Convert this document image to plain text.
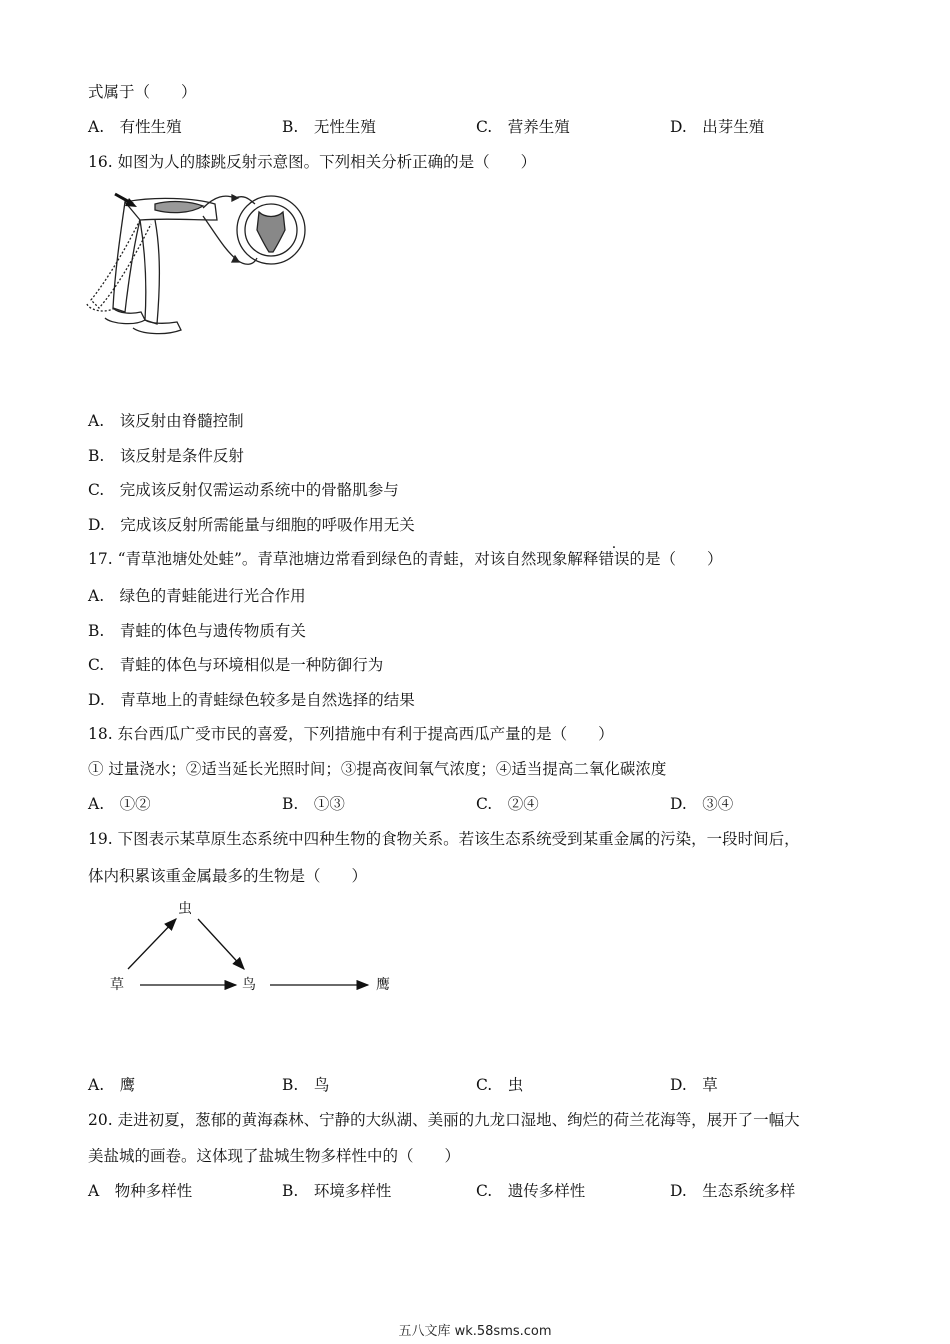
式属于（　　）
A.　有性生殖	B.　无性生殖	C.　营养生殖	D.　出芽生殖
16. 如图为人的膝跳反射示意图。下列相关分析正确的是（　　）
A.　该反射由脊髓控制
B.　该反射是条件反射
C.　完成该反射仅需运动系统中的骨骼肌参与
D.　完成该反射所需能量与细胞的呼吸作用无关
17. “青草池塘处处蛙”。青草池塘边常看到绿色的青蛙，对该自然现象解释错误的是（　　）
A.　绿色的青蛙能进行光合作用
B.　青蛙的体色与遗传物质有关
C.　青蛙的体色与环境相似是一种防御行为
D.　青草地上的青蛙绿色较多是自然选择的结果
18. 东台西瓜广受市民的喜爱，下列措施中有利于提高西瓜产量的是（　　）
① 过量浇水；②适当延长光照时间；③提高夜间氧气浓度；④适当提高二氧化碳浓度
A.　①②	B.　①③	C.　②④	D.　③④
19. 下图表示某草原生态系统中四种生物的食物关系。若该生态系统受到某重金属的污染，一段时间后，
体内积累该重金属最多的生物是（　　）
虫
草	鸟	鹰
A.　鹰	B.　鸟	C.　虫	D.　草
20. 走进初夏，葱郁的黄海森林、宁静的大纵湖、美丽的九龙口湿地、绚烂的荷兰花海等，展开了一幅大
美盐城的画卷。这体现了盐城生物多样性中的（　　）
A　物种多样性	B.　环境多样性	C.　遗传多样性	D.　生态系统多样
五八文库 wk.58sms.com
